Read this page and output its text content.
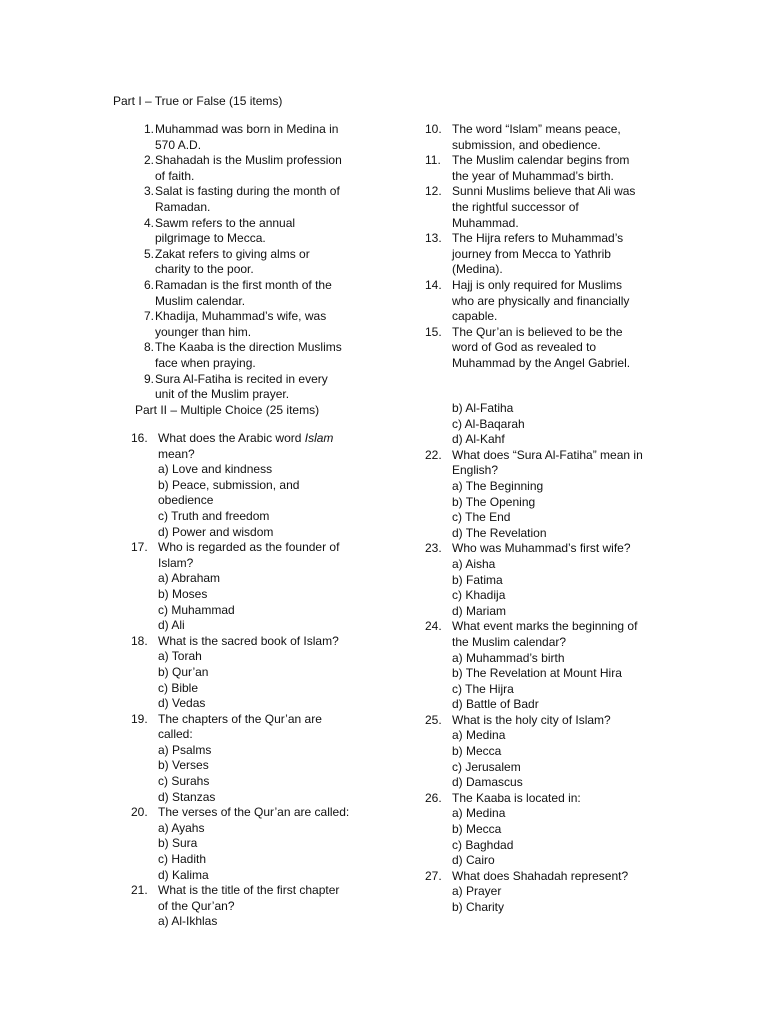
Part I – True or False (15 items)
1. Muhammad was born in Medina in
570 A.D.
2. Shahadah is the Muslim profession
of faith.
3. Salat is fasting during the month of
Ramadan.
4. Sawm refers to the annual
pilgrimage to Mecca.
5. Zakat refers to giving alms or
charity to the poor.
6. Ramadan is the first month of the
Muslim calendar.
7. Khadija, Muhammad’s wife, was
younger than him.
8. The Kaaba is the direction Muslims
face when praying.
9. Sura Al-Fatiha is recited in every
unit of the Muslim prayer.
10. The word “Islam” means peace,
submission, and obedience.
11. The Muslim calendar begins from
the year of Muhammad’s birth.
12. Sunni Muslims believe that Ali was
the rightful successor of
Muhammad.
13. The Hijra refers to Muhammad’s
journey from Mecca to Yathrib
(Medina).
14. Hajj is only required for Muslims
who are physically and financially
capable.
15. The Qur’an is believed to be the
word of God as revealed to
Muhammad by the Angel Gabriel.
Part II – Multiple Choice (25 items)
16. What does the Arabic word Islam
mean?
a) Love and kindness
b) Peace, submission, and
obedience
c) Truth and freedom
d) Power and wisdom
17. Who is regarded as the founder of
Islam?
a) Abraham
b) Moses
c) Muhammad
d) Ali
18. What is the sacred book of Islam?
a) Torah
b) Qur’an
c) Bible
d) Vedas
19. The chapters of the Qur’an are
called:
a) Psalms
b) Verses
c) Surahs
d) Stanzas
20. The verses of the Qur’an are called:
a) Ayahs
b) Sura
c) Hadith
d) Kalima
21. What is the title of the first chapter
of the Qur’an?
a) Al-Ikhlas
b) Al-Fatiha
c) Al-Baqarah
d) Al-Kahf
22. What does “Sura Al-Fatiha” mean in
English?
a) The Beginning
b) The Opening
c) The End
d) The Revelation
23. Who was Muhammad’s first wife?
a) Aisha
b) Fatima
c) Khadija
d) Mariam
24. What event marks the beginning of
the Muslim calendar?
a) Muhammad’s birth
b) The Revelation at Mount Hira
c) The Hijra
d) Battle of Badr
25. What is the holy city of Islam?
a) Medina
b) Mecca
c) Jerusalem
d) Damascus
26. The Kaaba is located in:
a) Medina
b) Mecca
c) Baghdad
d) Cairo
27. What does Shahadah represent?
a) Prayer
b) Charity
